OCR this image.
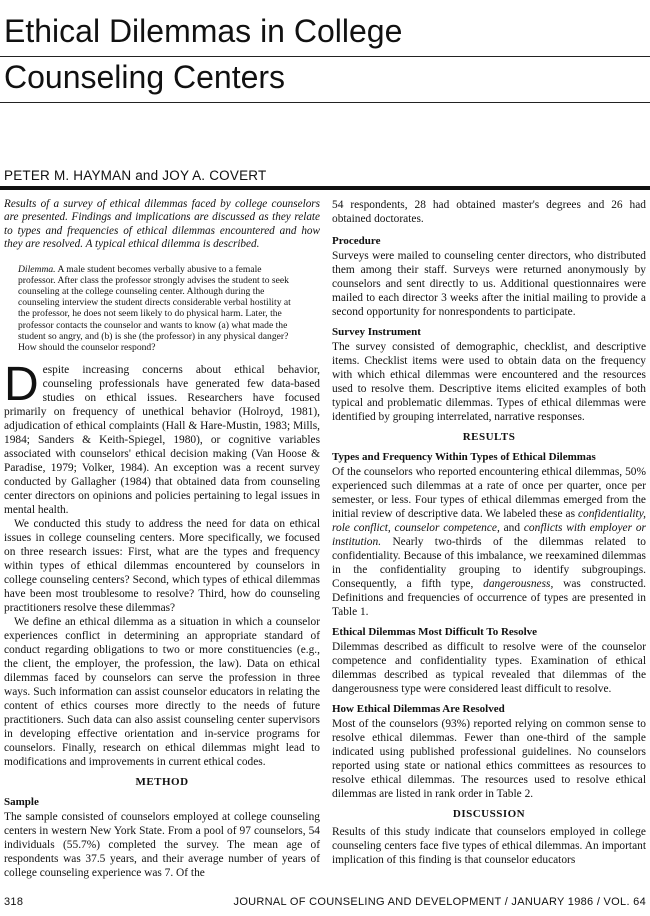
Ethical Dilemmas in College
Counseling Centers
PETER M. HAYMAN and JOY A. COVERT

Results of a survey of ethical dilemmas faced by college counselors are presented. Findings and implications are discussed as they relate to types and frequencies of ethical dilemmas encountered and how they are resolved. A typical ethical dilemma is described.

Dilemma. A male student becomes verbally abusive to a female professor. After class the professor strongly advises the student to seek counseling at the college counseling center. Although during the counseling interview the student directs considerable verbal hostility at the professor, he does not seem likely to do physical harm. Later, the professor contacts the counselor and wants to know (a) what made the student so angry, and (b) is she (the professor) in any physical danger? How should the counselor respond?

D espite increasing concerns about ethical behavior, counseling professionals have generated few data-based studies on ethical issues. Researchers have focused primarily on frequency of unethical behavior (Holroyd, 1981), adjudication of ethical complaints (Hall & Hare-Mustin, 1983; Mills, 1984; Sanders & Keith-Spiegel, 1980), or cognitive variables associated with counselors' ethical decision making (Van Hoose & Paradise, 1979; Volker, 1984). An exception was a recent survey conducted by Gallagher (1984) that obtained data from counseling center directors on opinions and policies pertaining to legal issues in mental health.

We conducted this study to address the need for data on ethical issues in college counseling centers. More specifically, we focused on three research issues: First, what are the types and frequency within types of ethical dilemmas encountered by counselors in college counseling centers? Second, which types of ethical dilemmas have been most troublesome to resolve? Third, how do counseling practitioners resolve these dilemmas?

We define an ethical dilemma as a situation in which a counselor experiences conflict in determining an appropriate standard of conduct regarding obligations to two or more constituencies (e.g., the client, the employer, the profession, the law). Data on ethical dilemmas faced by counselors can serve the profession in three ways. Such information can assist counselor educators in relating the content of ethics courses more directly to the needs of future practitioners. Such data can also assist counseling center supervisors in developing effective orientation and in-service programs for counselors. Finally, research on ethical dilemmas might lead to modifications and improvements in current ethical codes.

METHOD
Sample

The sample consisted of counselors employed at college counseling centers in western New York State. From a pool of 97 counselors, 54 individuals (55.7%) completed the survey. The mean age of respondents was 37.5 years, and their average number of years of college counseling experience was 7. Of the

54 respondents, 28 had obtained master's degrees and 26 had obtained doctorates.

Procedure

Surveys were mailed to counseling center directors, who distributed them among their staff. Surveys were returned anonymously by counselors and sent directly to us. Additional questionnaires were mailed to each director 3 weeks after the initial mailing to provide a second opportunity for nonrespondents to participate.

Survey Instrument

The survey consisted of demographic, checklist, and descriptive items. Checklist items were used to obtain data on the frequency with which ethical dilemmas were encountered and the resources used to resolve them. Descriptive items elicited examples of both typical and problematic dilemmas. Types of ethical dilemmas were identified by grouping interrelated, narrative responses.

RESULTS
Types and Frequency Within Types of Ethical Dilemmas

Of the counselors who reported encountering ethical dilemmas, 50% experienced such dilemmas at a rate of once per quarter, once per semester, or less. Four types of ethical dilemmas emerged from the initial review of descriptive data. We labeled these as confidentiality, role conflict, counselor competence, and conflicts with employer or institution. Nearly two-thirds of the dilemmas related to confidentiality. Because of this imbalance, we reexamined dilemmas in the confidentiality grouping to identify subgroupings. Consequently, a fifth type, dangerousness, was constructed. Definitions and frequencies of occurrence of types are presented in Table 1.

Ethical Dilemmas Most Difficult To Resolve

Dilemmas described as difficult to resolve were of the counselor competence and confidentiality types. Examination of ethical dilemmas described as typical revealed that dilemmas of the dangerousness type were considered least difficult to resolve.

How Ethical Dilemmas Are Resolved

Most of the counselors (93%) reported relying on common sense to resolve ethical dilemmas. Fewer than one-third of the sample indicated using published professional guidelines. No counselors reported using state or national ethics committees as resources to resolve ethical dilemmas. The resources used to resolve ethical dilemmas are listed in rank order in Table 2.

DISCUSSION

Results of this study indicate that counselors employed in college counseling centers face five types of ethical dilemmas. An important implication of this finding is that counselor educators

318	JOURNAL OF COUNSELING AND DEVELOPMENT / JANUARY 1986 / VOL. 64
